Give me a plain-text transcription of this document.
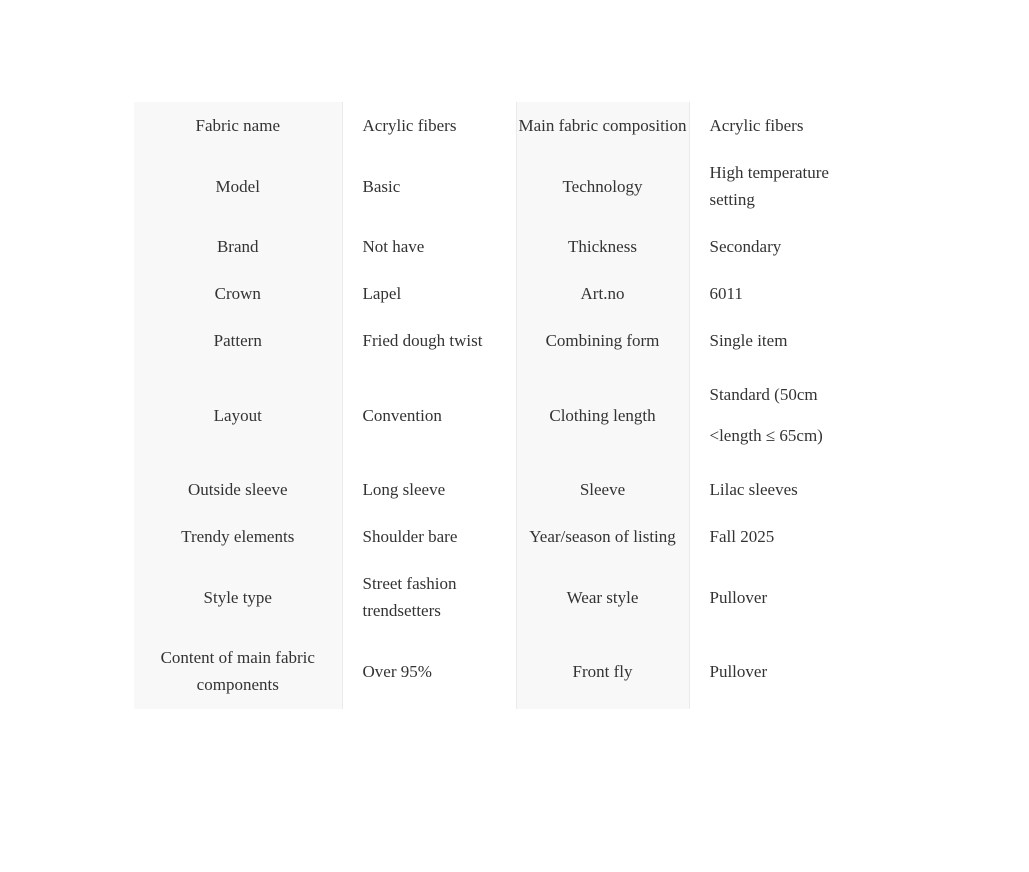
Fabric name	Acrylic fibers	Main fabric composition	Acrylic fibers
Model	Basic	Technology	High temperature setting
Brand	Not have	Thickness	Secondary
Crown	Lapel	Art.no	6011
Pattern	Fried dough twist	Combining form	Single item
Layout	Convention	Clothing length	Standard (50cm <length ≤ 65cm)
Outside sleeve	Long sleeve	Sleeve	Lilac sleeves
Trendy elements	Shoulder bare	Year/season of listing	Fall 2025
Style type	Street fashion trendsetters	Wear style	Pullover
Content of main fabric components	Over 95%	Front fly	Pullover
